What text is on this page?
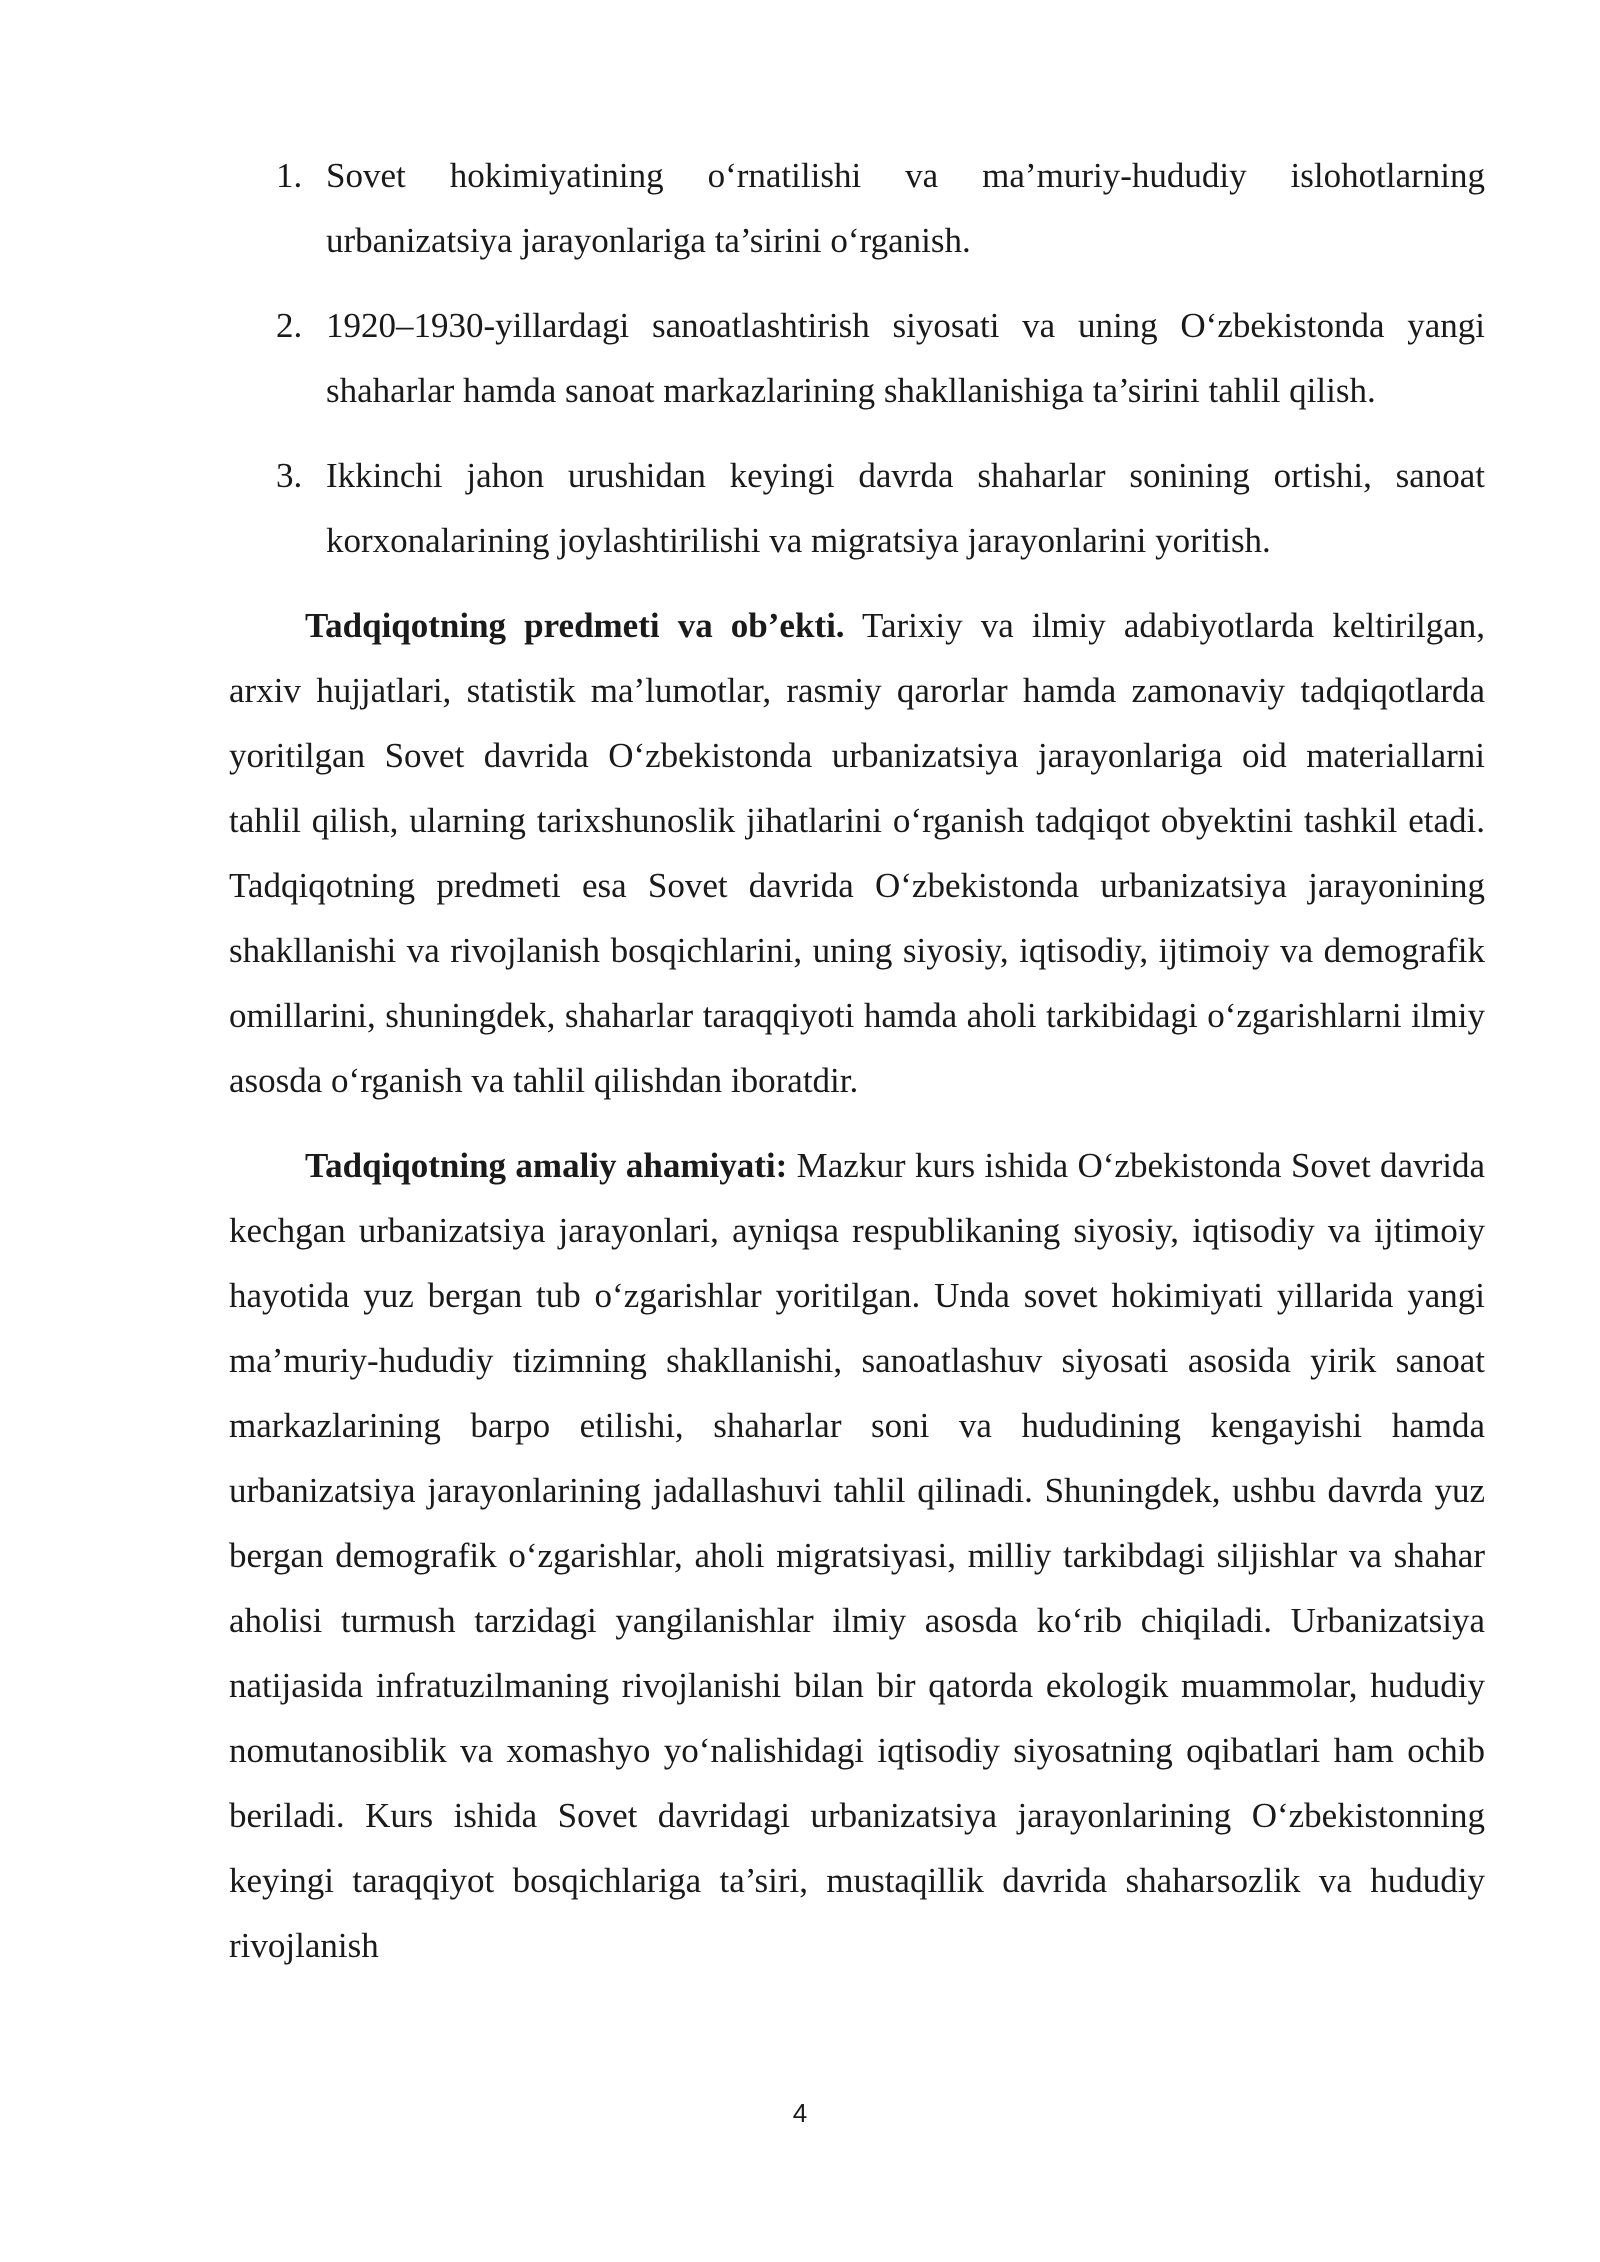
1. Sovet hokimiyatining o‘rnatilishi va ma’muriy-hududiy islohotlarning urbanizatsiya jarayonlariga ta’sirini o‘rganish.
2. 1920–1930-yillardagi sanoatlashtirish siyosati va uning O‘zbekistonda yangi shaharlar hamda sanoat markazlarining shakllanishiga ta’sirini tahlil qilish.
3. Ikkinchi jahon urushidan keyingi davrda shaharlar sonining ortishi, sanoat korxonalarining joylashtirilishi va migratsiya jarayonlarini yoritish.

Tadqiqotning predmeti va ob’ekti. Tarixiy va ilmiy adabiyotlarda keltirilgan, arxiv hujjatlari, statistik ma’lumotlar, rasmiy qarorlar hamda zamonaviy tadqiqotlarda yoritilgan Sovet davrida O‘zbekistonda urbanizatsiya jarayonlariga oid materiallarni tahlil qilish, ularning tarixshunoslik jihatlarini o‘rganish tadqiqot obyektini tashkil etadi. Tadqiqotning predmeti esa Sovet davrida O‘zbekistonda urbanizatsiya jarayonining shakllanishi va rivojlanish bosqichlarini, uning siyosiy, iqtisodiy, ijtimoiy va demografik omillarini, shuningdek, shaharlar taraqqiyoti hamda aholi tarkibidagi o‘zgarishlarni ilmiy asosda o‘rganish va tahlil qilishdan iboratdir.

Tadqiqotning amaliy ahamiyati: Mazkur kurs ishida O‘zbekistonda Sovet davrida kechgan urbanizatsiya jarayonlari, ayniqsa respublikaning siyosiy, iqtisodiy va ijtimoiy hayotida yuz bergan tub o‘zgarishlar yoritilgan. Unda sovet hokimiyati yillarida yangi ma’muriy-hududiy tizimning shakllanishi, sanoatlashuv siyosati asosida yirik sanoat markazlarining barpo etilishi, shaharlar soni va hududining kengayishi hamda urbanizatsiya jarayonlarining jadallashuvi tahlil qilinadi. Shuningdek, ushbu davrda yuz bergan demografik o‘zgarishlar, aholi migratsiyasi, milliy tarkibdagi siljishlar va shahar aholisi turmush tarzidagi yangilanishlar ilmiy asosda ko‘rib chiqiladi. Urbanizatsiya natijasida infratuzilmaning rivojlanishi bilan bir qatorda ekologik muammolar, hududiy nomutanosiblik va xomashyo yo‘nalishidagi iqtisodiy siyosatning oqibatlari ham ochib beriladi. Kurs ishida Sovet davridagi urbanizatsiya jarayonlarining O‘zbekistonning keyingi taraqqiyot bosqichlariga ta’siri, mustaqillik davrida shaharsozlik va hududiy rivojlanish

4
